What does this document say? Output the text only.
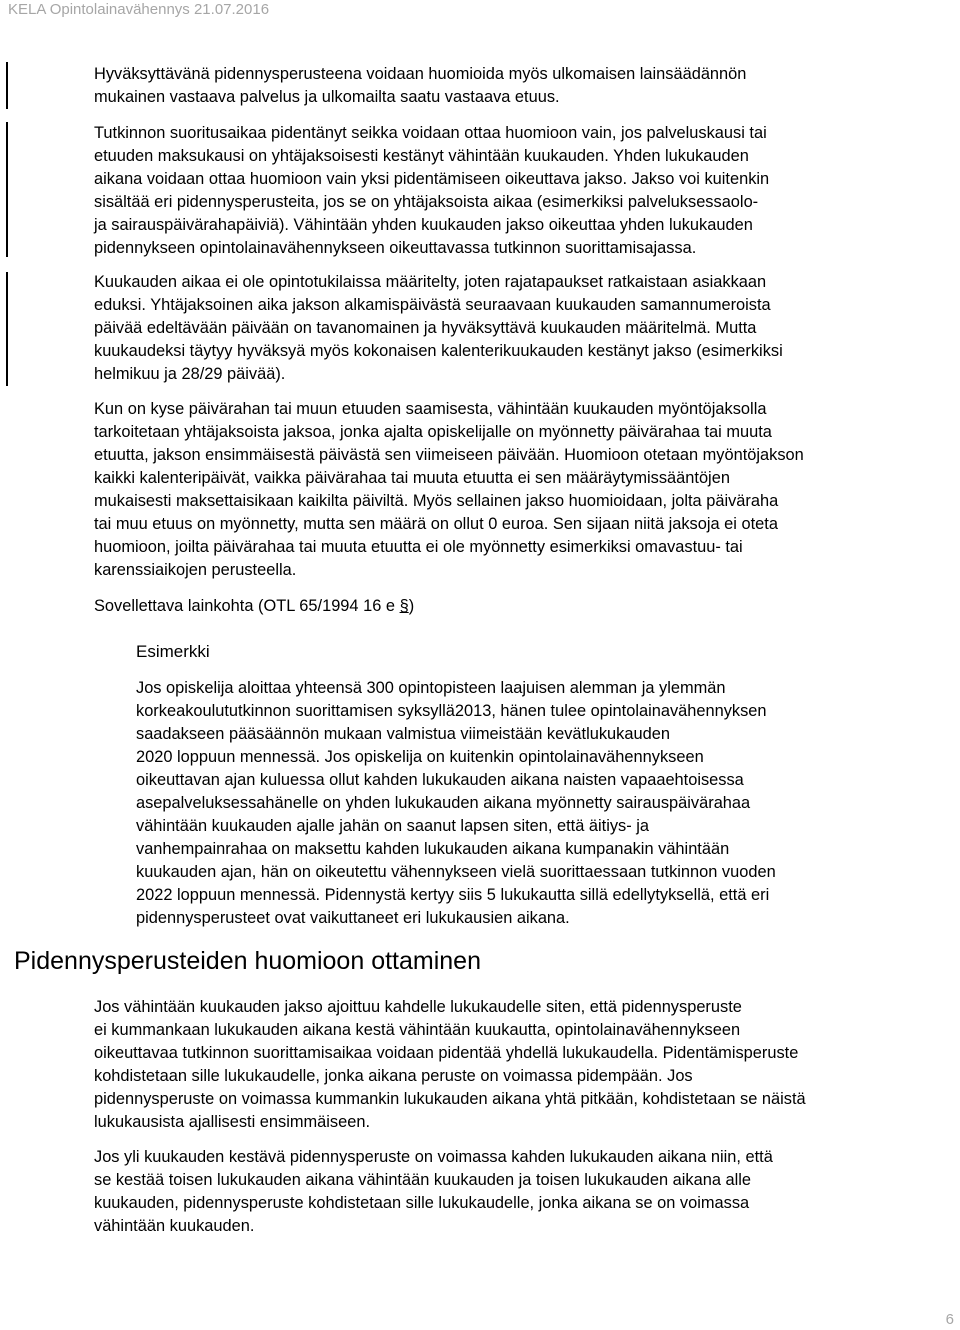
KELA Opintolainavähennys 21.07.2016
Hyväksyttävänä pidennysperusteena voidaan huomioida myös ulkomaisen lainsäädännön
mukainen vastaava palvelus ja ulkomailta saatu vastaava etuus.
Tutkinnon suoritusaikaa pidentänyt seikka voidaan ottaa huomioon vain, jos palveluskausi tai
etuuden maksukausi on yhtäjaksoisesti kestänyt vähintään kuukauden. Yhden lukukauden
aikana voidaan ottaa huomioon vain yksi pidentämiseen oikeuttava jakso. Jakso voi kuitenkin
sisältää eri pidennysperusteita, jos se on yhtäjaksoista aikaa (esimerkiksi palveluksessaolo-
ja sairauspäivärahapäiviä). Vähintään yhden kuukauden jakso oikeuttaa yhden lukukauden
pidennykseen opintolainavähennykseen oikeuttavassa tutkinnon suorittamisajassa.
Kuukauden aikaa ei ole opintotukilaissa määritelty, joten rajatapaukset ratkaistaan asiakkaan
eduksi. Yhtäjaksoinen aika jakson alkamispäivästä seuraavaan kuukauden samannumeroista
päivää edeltävään päivään on tavanomainen ja hyväksyttävä kuukauden määritelmä. Mutta
kuukaudeksi täytyy hyväksyä myös kokonaisen kalenterikuukauden kestänyt jakso (esimerkiksi
helmikuu ja 28/29 päivää).
Kun on kyse päivärahan tai muun etuuden saamisesta, vähintään kuukauden myöntöjaksolla
tarkoitetaan yhtäjaksoista jaksoa, jonka ajalta opiskelijalle on myönnetty päivärahaa tai muuta
etuutta, jakson ensimmäisestä päivästä sen viimeiseen päivään. Huomioon otetaan myöntöjakson
kaikki kalenteripäivät, vaikka päivärahaa tai muuta etuutta ei sen määräytymissääntöjen
mukaisesti maksettaisikaan kaikilta päiviltä. Myös sellainen jakso huomioidaan, jolta päiväraha
tai muu etuus on myönnetty, mutta sen määrä on ollut 0 euroa. Sen sijaan niitä jaksoja ei oteta
huomioon, joilta päivärahaa tai muuta etuutta ei ole myönnetty esimerkiksi omavastuu- tai
karenssiaikojen perusteella.
Sovellettava lainkohta (OTL 65/1994 16 e §)
Esimerkki
Jos opiskelija aloittaa yhteensä 300 opintopisteen laajuisen alemman ja ylemmän
korkeakoulututkinnon suorittamisen syksyllä2013, hänen tulee opintolainavähennyksen
saadakseen pääsäännön mukaan valmistua viimeistään kevätlukukauden
2020 loppuun mennessä. Jos opiskelija on kuitenkin opintolainavähennykseen
oikeuttavan ajan kuluessa ollut kahden lukukauden aikana naisten vapaaehtoisessa
asepalveluksessahänelle on yhden lukukauden aikana myönnetty sairauspäivärahaa
vähintään kuukauden ajalle jahän on saanut lapsen siten, että äitiys- ja
vanhempainrahaa on maksettu kahden lukukauden aikana kumpanakin vähintään
kuukauden ajan, hän on oikeutettu vähennykseen vielä suorittaessaan tutkinnon vuoden
2022 loppuun mennessä. Pidennystä kertyy siis 5 lukukautta sillä edellytyksellä, että eri
pidennysperusteet ovat vaikuttaneet eri lukukausien aikana.
Pidennysperusteiden huomioon ottaminen
Jos vähintään kuukauden jakso ajoittuu kahdelle lukukaudelle siten, että pidennysperuste
ei kummankaan lukukauden aikana kestä vähintään kuukautta, opintolainavähennykseen
oikeuttavaa tutkinnon suorittamisaikaa voidaan pidentää yhdellä lukukaudella. Pidentämisperuste
kohdistetaan sille lukukaudelle, jonka aikana peruste on voimassa pidempään. Jos
pidennysperuste on voimassa kummankin lukukauden aikana yhtä pitkään, kohdistetaan se näistä
lukukausista ajallisesti ensimmäiseen.
Jos yli kuukauden kestävä pidennysperuste on voimassa kahden lukukauden aikana niin, että
se kestää toisen lukukauden aikana vähintään kuukauden ja toisen lukukauden aikana alle
kuukauden, pidennysperuste kohdistetaan sille lukukaudelle, jonka aikana se on voimassa
vähintään kuukauden.
6
